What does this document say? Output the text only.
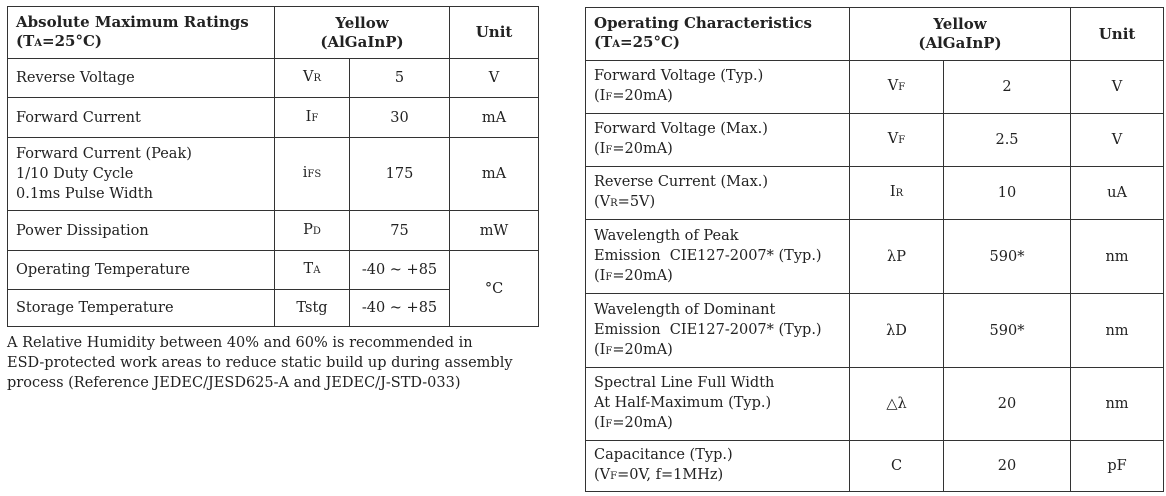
Absolute Maximum Ratings
(TA=25°C)	Yellow
(AlGaInP)		Unit
Reverse Voltage	VR	5	V
Forward Current	IF	30	mA

Forward Current (Peak)
1/10 Duty Cycle
0.1ms Pulse Width	iFS	175	mA
Power Dissipation	PD	75	mW
Operating Temperature	TA	-40 ~ +85	°C
Storage Temperature	Tstg	-40 ~ +85	

A Relative Humidity between 40% and 60% is recommended in
ESD-protected work areas to reduce static build up during assembly
process (Reference JEDEC/JESD625-A and JEDEC/J-STD-033)

Operating Characteristics
(TA=25°C)	Yellow
(AlGaInP)		Unit

Forward Voltage (Typ.)
(IF=20mA)	VF	2	V

Forward Voltage (Max.)
(IF=20mA)	VF	2.5	V

Reverse Current (Max.)
(VR=5V)	IR	10	uA

Wavelength of Peak
Emission  CIE127-2007* (Typ.)
(IF=20mA)	λP	590*	nm

Wavelength of Dominant
Emission  CIE127-2007* (Typ.)
(IF=20mA)	λD	590*	nm

Spectral Line Full Width
At Half-Maximum (Typ.)
(IF=20mA)	△λ	20	nm

Capacitance (Typ.)
(VF=0V, f=1MHz)	C	20	pF
